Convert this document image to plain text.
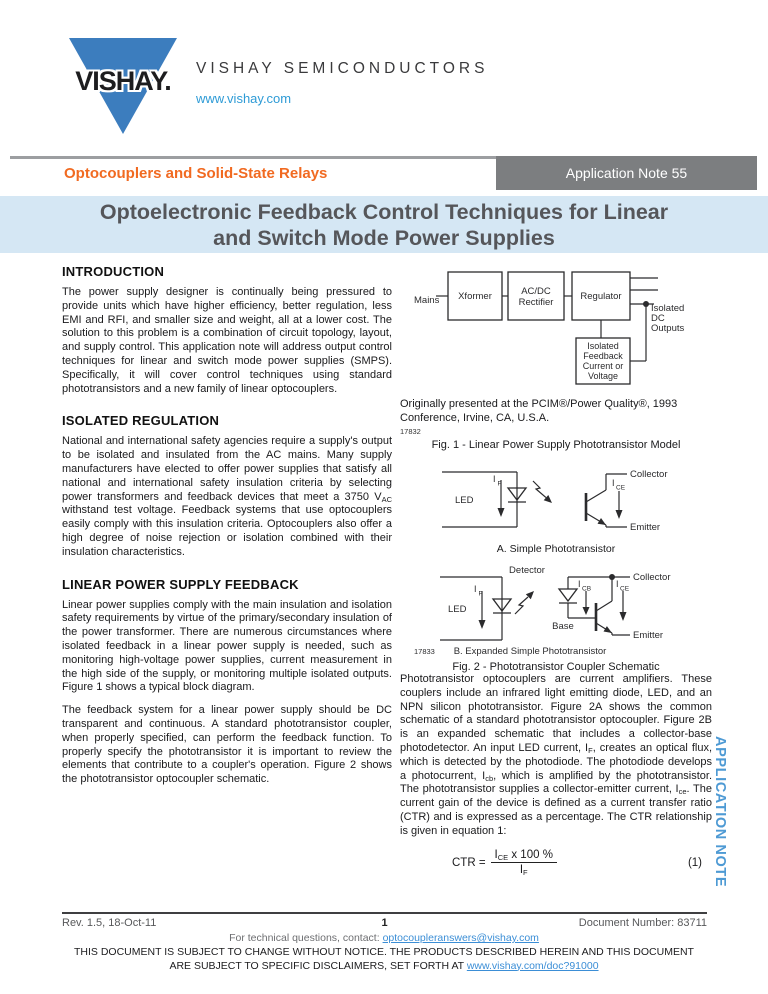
VISHAY.	VISHAY SEMICONDUCTORS
www.vishay.com
Optocouplers and Solid-State Relays	Application Note 55
Optoelectronic Feedback Control Techniques for Linear
and Switch Mode Power Supplies
INTRODUCTION

The power supply designer is continually being pressured to provide units which have higher efficiency, better regulation, less EMI and RFI, and smaller size and weight, all at a lower cost. The solution to this problem is a combination of circuit topology, layout, and supply control. This application note will address output control techniques for linear and switch mode power supplies (SMPS). Specifically, it will cover control techniques using standard phototransistors and a new family of linear optocouplers.

ISOLATED REGULATION

National and international safety agencies require a supply's output to be isolated and insulated from the AC mains. Many supply manufacturers have elected to offer power supplies that satisfy all national and international safety insulation criteria by selecting power transformers and feedback devices that meet a 3750 $V_{AC}$ withstand test voltage. Feedback systems that use optocouplers easily comply with this insulation criteria. Optocouplers also offer a high degree of noise rejection or isolation combined with their insulation characteristics.

LINEAR POWER SUPPLY FEEDBACK

Linear power supplies comply with the main insulation and isolation safety requirements by virtue of the primary/secondary insulation of the power transformer. There are numerous circumstances where isolated feedback in a linear power supply is needed, such as monitoring high-voltage power supplies, current measurement in the high side of the supply, or monitoring multiple isolated outputs. Figure 1 shows a typical block diagram.

The feedback system for a linear power supply should be DC transparent and continuous. A standard phototransistor coupler, when properly specified, can perform the feedback function. To properly specify the phototransistor it is important to review the elements that contribute to a coupler's operation. Figure 2 shows the phototransistor optocoupler schematic.

Mains Xformer	AC/DC
Rectifier
Regulator
Isolated
DC
Outputs
Isolated
Feedback
Current or
Voltage

Originally presented at the PCIM®/Power Quality®, 1993
Conference, Irvine, CA, U.S.A.

17832
Fig. 1 - Linear Power Supply Phototransistor Model
LED
I F
Collector
Emitter
I CE
A. Simple Phototransistor
Detector
LED
I F
I CB
Collector
Emitter
I CE
Base
17833 B. Expanded Simple Phototransistor
Fig. 2 - Phototransistor Coupler Schematic

Phototransistor optocouplers are current amplifiers. These couplers include an infrared light emitting diode, LED, and an NPN silicon phototransistor. Figure 2A shows the common schematic of a standard phototransistor optocoupler. Figure 2B is an expanded schematic that includes a collector-base photodetector. An input LED current, $I_F$, creates an optical flux, which is detected by the photodiode. The photodiode develops a photocurrent, $I_{cb}$, which is amplified by the phototransistor. The phototransistor supplies a collector-emitter current, $I_{ce}$. The current gain of the device is defined as a current transfer ratio (CTR) and is expressed as a percentage. The CTR relationship is given in equation 1:

CTR = $\frac{I_{CE} x 100 \%}{I_F}$	(1) APPLICATION NOTE
Rev. 1.5, 18-Oct-11	1	Document Number: 83711
For technical questions, contact: optocoupleranswers@vishay.com
THIS DOCUMENT IS SUBJECT TO CHANGE WITHOUT NOTICE. THE PRODUCTS DESCRIBED HEREIN AND THIS DOCUMENT
ARE SUBJECT TO SPECIFIC DISCLAIMERS, SET FORTH AT www.vishay.com/doc?91000
